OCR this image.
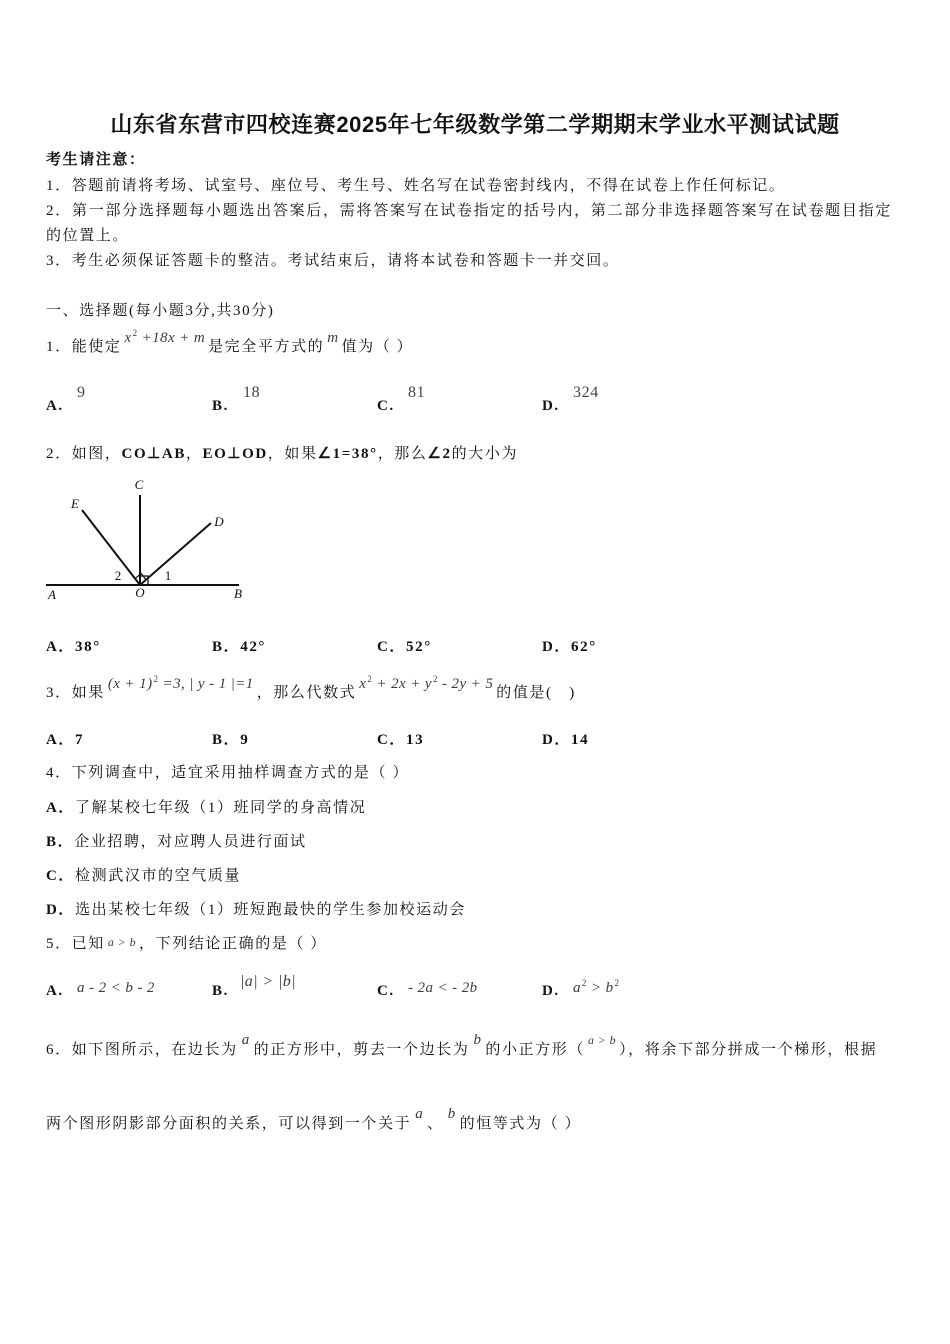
山东省东营市四校连赛2025年七年级数学第二学期期末学业水平测试试题
考生请注意：
1．答题前请将考场、试室号、座位号、考生号、姓名写在试卷密封线内，不得在试卷上作任何标记。
2．第一部分选择题每小题选出答案后，需将答案写在试卷指定的括号内，第二部分非选择题答案写在试卷题目指定
的位置上。
3．考生必须保证答题卡的整洁。考试结束后，请将本试卷和答题卡一并交回。
一、选择题(每小题3分,共30分)
1．能使定$x^2 +18x + m$是完全平方式的m值为（ ）
A.
9
B.
18
C.
81
D.
324
2．如图，CO⊥AB，EO⊥OD，如果∠1=38°，那么∠2的大小为
E
C
D
A	O	B
2	1
A．38°	B．42°	C．52°	D．62°
3．如果$(x + 1)^2 =3$, | y - 1 |=1，那么代数式$x^2 + 2x + y^2 - 2y + 5$的值是(　)
A．7	B．9	C．13	D．14
4．下列调查中，适宜采用抽样调查方式的是（ ）
A．了解某校七年级（1）班同学的身高情况
B．企业招聘，对应聘人员进行面试
C．检测武汉市的空气质量
D．选出某校七年级（1）班短跑最快的学生参加校运动会
5．已知 a > b ，下列结论正确的是（ ）
A. a - 2 < b - 2	B.
|a| > |b|
C. - 2a < - 2b	D. $a^2 > b^2$
6．如下图所示，在边长为a的正方形中，剪去一个边长为b的小正方形（$^{a > b}$），将余下部分拼成一个梯形，根据
两个图形阴影部分面积的关系，可以得到一个关于a、b的恒等式为（ ）
